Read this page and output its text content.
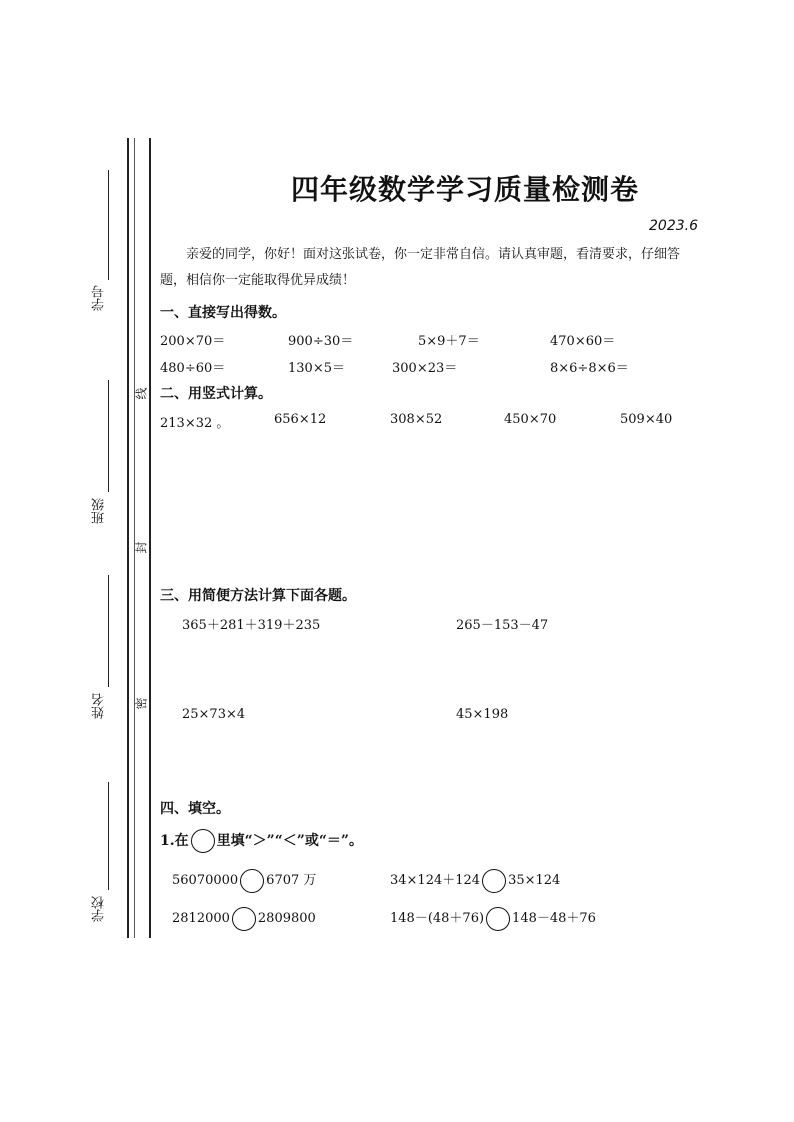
学号
班级
姓名
学校
线
封
密
四年级数学学习质量检测卷
2023.6
亲爱的同学，你好！面对这张试卷，你一定非常自信。请认真审题，看清要求，仔细答题，相信你一定能取得优异成绩！
一、直接写出得数。
200×70＝	900÷30＝	5×9＋7＝	470×60＝
480÷60＝	130×5＝	300×23＝	8×6÷8×6＝
二、用竖式计算。
213×32 。	656×12	308×52	450×70	509×40
三、用简便方法计算下面各题。
365＋281＋319＋235	265－153－47
25×73×4	45×198
四、填空。
1.在 里填“＞”“＜”或“＝”。
56070000 6707 万	34×124＋124 35×124
2812000 2809800	148－(48＋76) 148－48＋76
